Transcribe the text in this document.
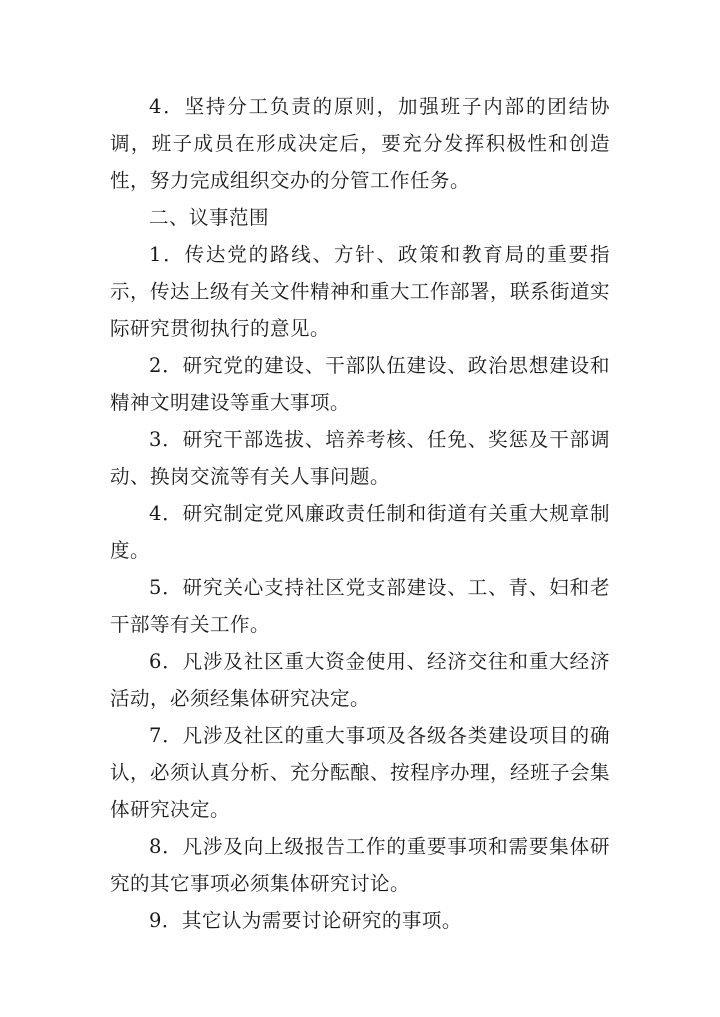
4．坚持分工负责的原则，加强班子内部的团结协调，班子成员在形成决定后，要充分发挥积极性和创造性，努力完成组织交办的分管工作任务。

二、议事范围

1．传达党的路线、方针、政策和教育局的重要指示，传达上级有关文件精神和重大工作部署，联系街道实际研究贯彻执行的意见。

2．研究党的建设、干部队伍建设、政治思想建设和精神文明建设等重大事项。

3．研究干部选拔、培养考核、任免、奖惩及干部调动、换岗交流等有关人事问题。

4．研究制定党风廉政责任制和街道有关重大规章制度。

5．研究关心支持社区党支部建设、工、青、妇和老干部等有关工作。

6．凡涉及社区重大资金使用、经济交往和重大经济活动，必须经集体研究决定。

7．凡涉及社区的重大事项及各级各类建设项目的确认，必须认真分析、充分酝酿、按程序办理，经班子会集体研究决定。

8．凡涉及向上级报告工作的重要事项和需要集体研究的其它事项必须集体研究讨论。

9．其它认为需要讨论研究的事项。
